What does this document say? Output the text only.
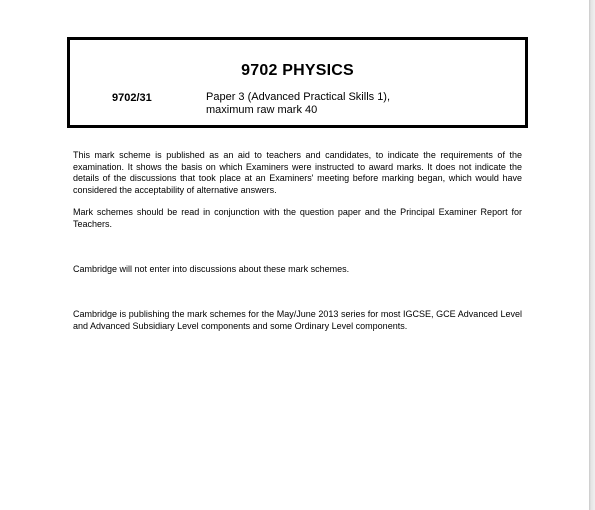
9702 PHYSICS
9702/31	Paper 3 (Advanced Practical Skills 1),
maximum raw mark 40
This mark scheme is published as an aid to teachers and candidates, to indicate the requirements of the examination. It shows the basis on which Examiners were instructed to award marks. It does not indicate the details of the discussions that took place at an Examiners' meeting before marking began, which would have considered the acceptability of alternative answers.
Mark schemes should be read in conjunction with the question paper and the Principal Examiner Report for Teachers.
Cambridge will not enter into discussions about these mark schemes.
Cambridge is publishing the mark schemes for the May/June 2013 series for most IGCSE, GCE Advanced Level and Advanced Subsidiary Level components and some Ordinary Level components.
